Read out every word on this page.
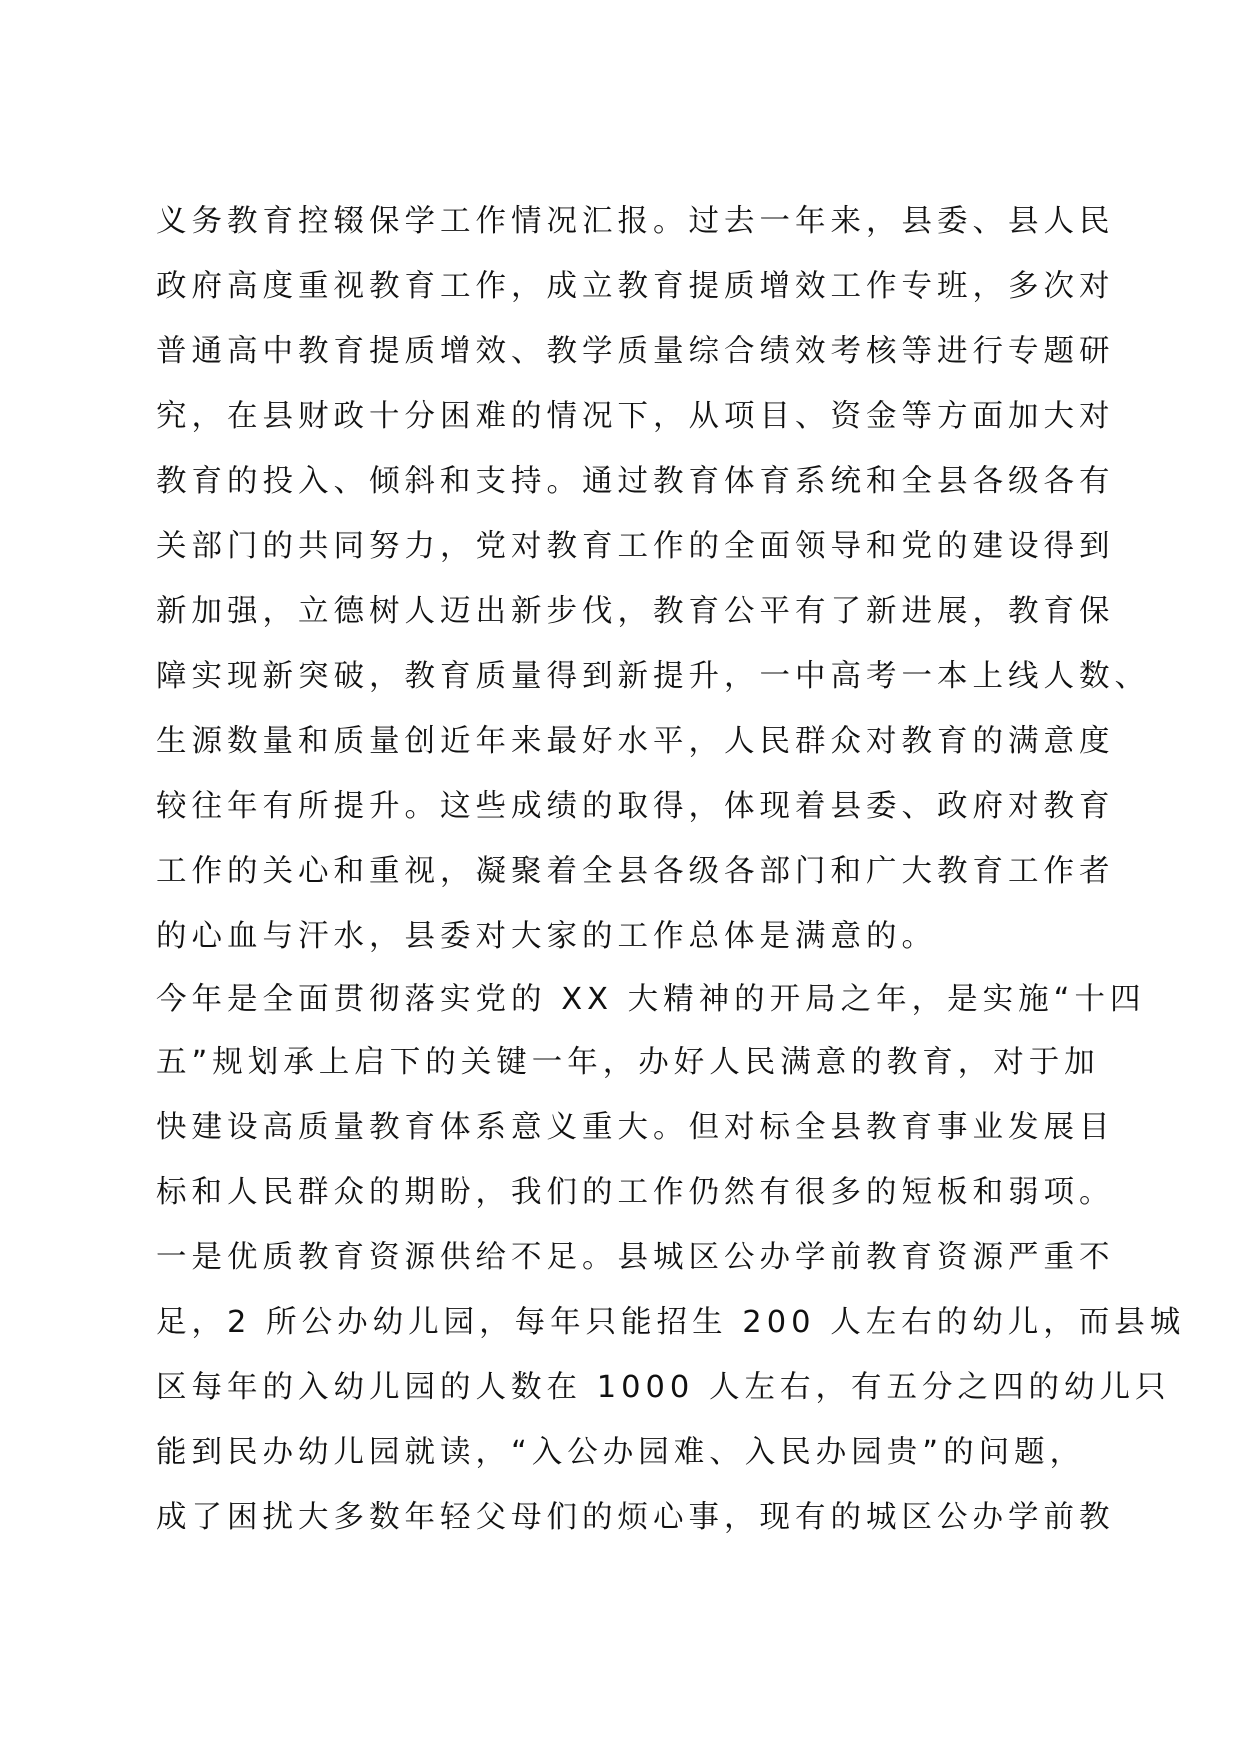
义务教育控辍保学工作情况汇报。过去一年来，县委、县人民
政府高度重视教育工作，成立教育提质增效工作专班，多次对
普通高中教育提质增效、教学质量综合绩效考核等进行专题研
究，在县财政十分困难的情况下，从项目、资金等方面加大对
教育的投入、倾斜和支持。通过教育体育系统和全县各级各有
关部门的共同努力，党对教育工作的全面领导和党的建设得到
新加强，立德树人迈出新步伐，教育公平有了新进展，教育保
障实现新突破，教育质量得到新提升，一中高考一本上线人数、
生源数量和质量创近年来最好水平，人民群众对教育的满意度
较往年有所提升。这些成绩的取得，体现着县委、政府对教育
工作的关心和重视，凝聚着全县各级各部门和广大教育工作者
的心血与汗水，县委对大家的工作总体是满意的。
今年是全面贯彻落实党的 XX 大精神的开局之年，是实施“十四
五”规划承上启下的关键一年，办好人民满意的教育，对于加
快建设高质量教育体系意义重大。但对标全县教育事业发展目
标和人民群众的期盼，我们的工作仍然有很多的短板和弱项。
一是优质教育资源供给不足。县城区公办学前教育资源严重不
足，2 所公办幼儿园，每年只能招生 200 人左右的幼儿，而县城
区每年的入幼儿园的人数在 1000 人左右，有五分之四的幼儿只
能到民办幼儿园就读，“入公办园难、入民办园贵”的问题，
成了困扰大多数年轻父母们的烦心事，现有的城区公办学前教
